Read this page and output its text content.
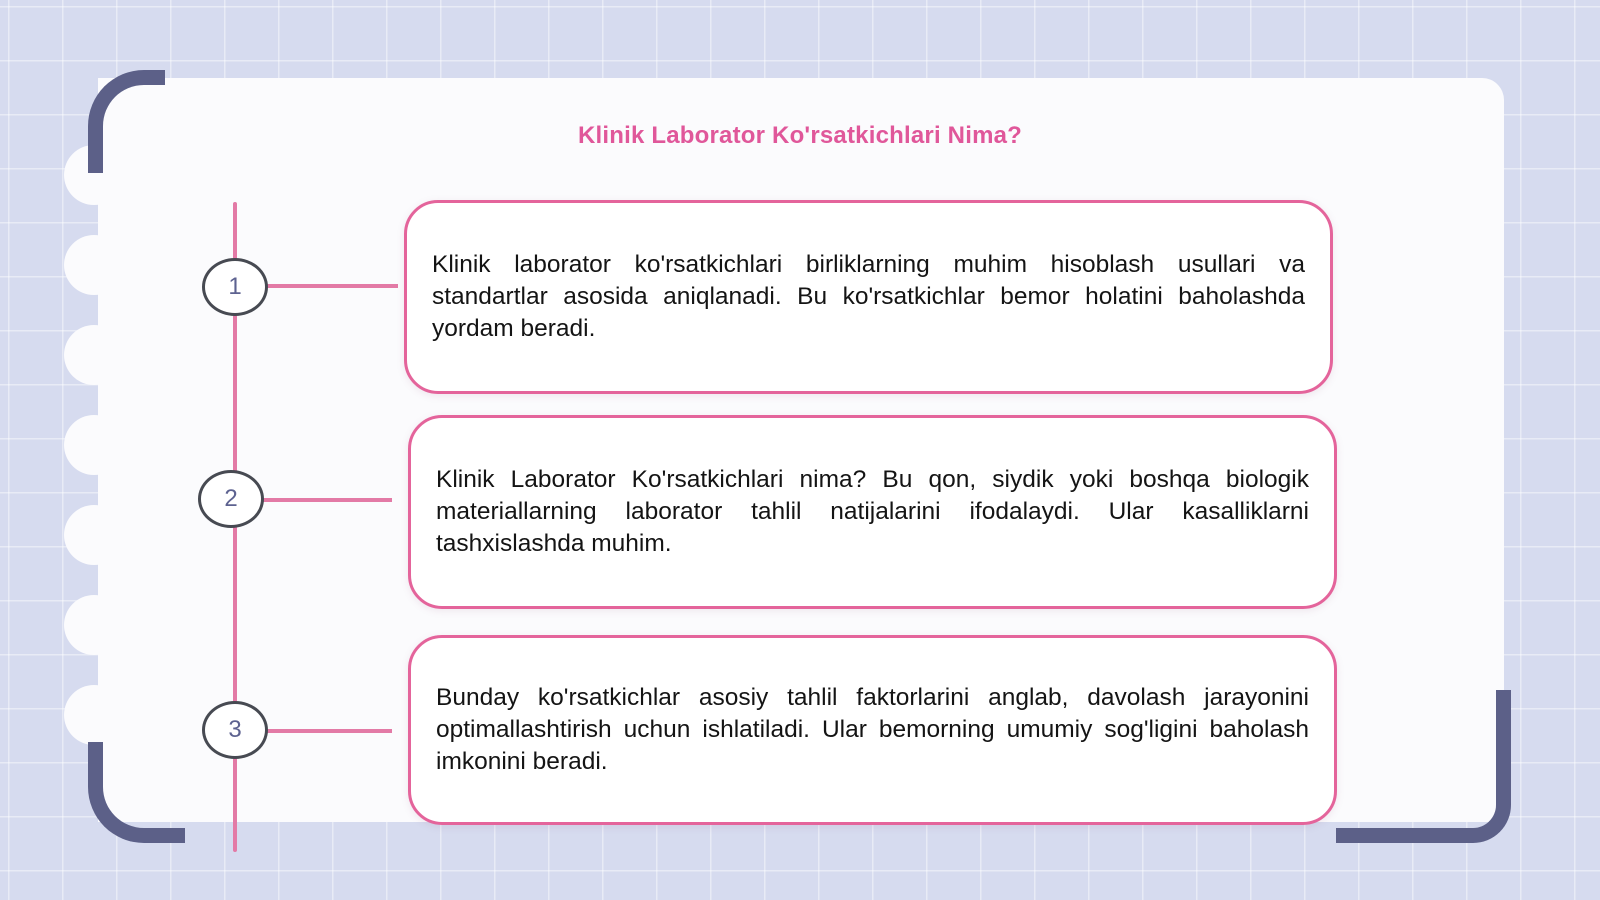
Klinik Laborator Ko'rsatkichlari Nima?
1
Klinik laborator ko'rsatkichlari birliklarning muhim hisoblash usullari va standartlar asosida aniqlanadi. Bu ko'rsatkichlar bemor holatini baholashda yordam beradi.
2
Klinik Laborator Ko'rsatkichlari nima? Bu qon, siydik yoki boshqa biologik materiallarning laborator tahlil natijalarini ifodalaydi. Ular kasalliklarni tashxislashda muhim.
3
Bunday ko'rsatkichlar asosiy tahlil faktorlarini anglab, davolash jarayonini optimallashtirish uchun ishlatiladi. Ular bemorning umumiy sog'ligini baholash imkonini beradi.
